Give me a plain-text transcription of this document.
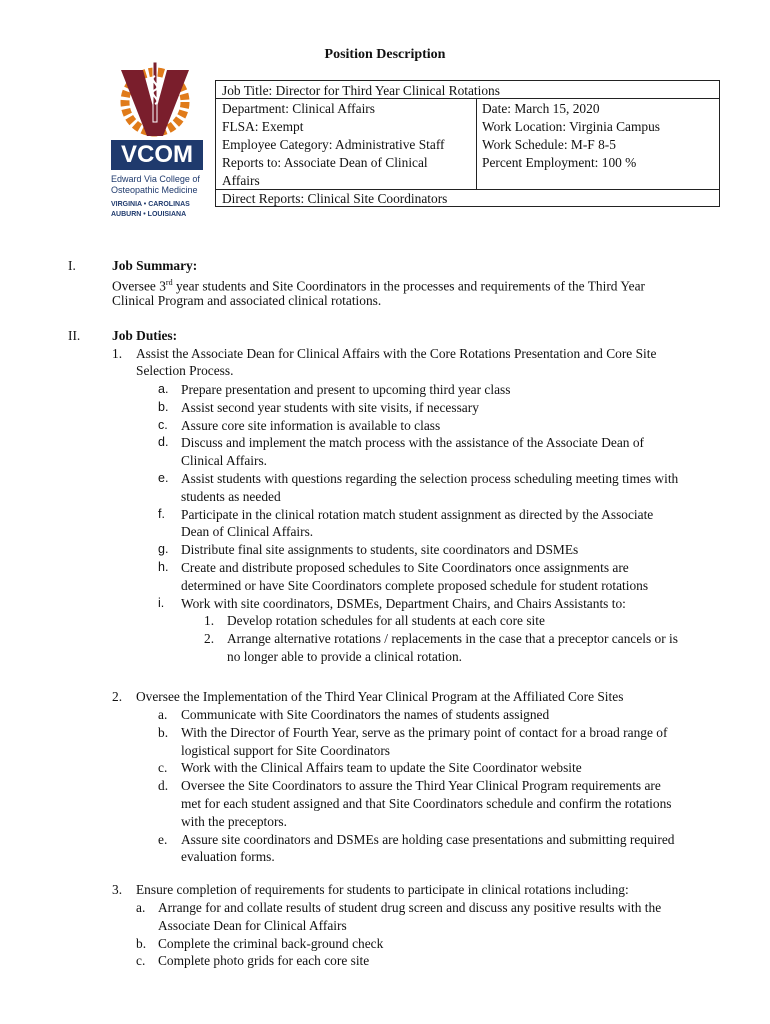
Position Description
VCOM
Edward Via College of
Osteopathic Medicine
VIRGINIA • CAROLINAS
AUBURN • LOUISIANA
Job Title: Director for Third Year Clinical Rotations
Department: Clinical Affairs	Date: March 15, 2020
FLSA: Exempt	Work Location: Virginia Campus
Employee Category: Administrative Staff	Work Schedule: M-F 8-5
Reports to: Associate Dean of Clinical	Percent Employment: 100 %
Affairs
Direct Reports: Clinical Site Coordinators
I.	Job Summary:
Oversee 3rd year students and Site Coordinators in the processes and requirements of the Third Year
Clinical Program and associated clinical rotations.
II. Job Duties:
1. Assist the Associate Dean for Clinical Affairs with the Core Rotations Presentation and Core Site
Selection Process.
a. Prepare presentation and present to upcoming third year class
b. Assist second year students with site visits, if necessary
c. Assure core site information is available to class
d. Discuss and implement the match process with the assistance of the Associate Dean of
Clinical Affairs.
e. Assist students with questions regarding the selection process scheduling meeting times with
students as needed
f. Participate in the clinical rotation match student assignment as directed by the Associate
Dean of Clinical Affairs.
g. Distribute final site assignments to students, site coordinators and DSMEs
h. Create and distribute proposed schedules to Site Coordinators once assignments are
determined or have Site Coordinators complete proposed schedule for student rotations
i. Work with site coordinators, DSMEs, Department Chairs, and Chairs Assistants to:
1. Develop rotation schedules for all students at each core site
2. Arrange alternative rotations / replacements in the case that a preceptor cancels or is
no longer able to provide a clinical rotation.
2. Oversee the Implementation of the Third Year Clinical Program at the Affiliated Core Sites
a. Communicate with Site Coordinators the names of students assigned
b. With the Director of Fourth Year, serve as the primary point of contact for a broad range of
logistical support for Site Coordinators
c. Work with the Clinical Affairs team to update the Site Coordinator website
d. Oversee the Site Coordinators to assure the Third Year Clinical Program requirements are
met for each student assigned and that Site Coordinators schedule and confirm the rotations
with the preceptors.
e. Assure site coordinators and DSMEs are holding case presentations and submitting required
evaluation forms.
3. Ensure completion of requirements for students to participate in clinical rotations including:
a. Arrange for and collate results of student drug screen and discuss any positive results with the
Associate Dean for Clinical Affairs
b. Complete the criminal back-ground check
c. Complete photo grids for each core site
